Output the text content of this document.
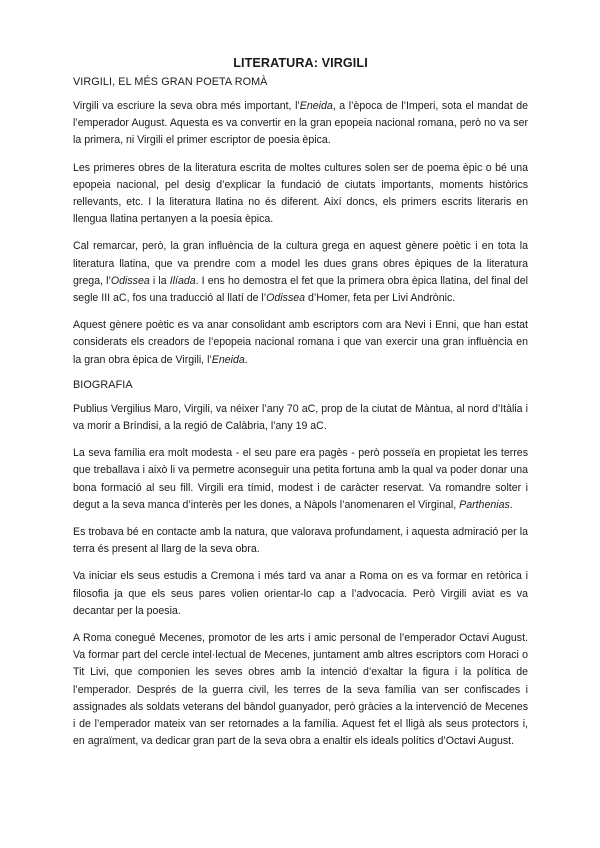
LITERATURA: VIRGILI
VIRGILI, EL MÉS GRAN POETA ROMÀ

Virgili va escriure la seva obra més important, l’Eneida, a l’època de l’Imperi, sota el mandat de l’emperador August. Aquesta es va convertir en la gran epopeia nacional romana, però no va ser la primera, ni Virgili el primer escriptor de poesia èpica.

Les primeres obres de la literatura escrita de moltes cultures solen ser de poema èpic o bé una epopeia nacional, pel desig d’explicar la fundació de ciutats importants, moments històrics rellevants, etc. I la literatura llatina no és diferent. Així doncs, els primers escrits literaris en llengua llatina pertanyen a la poesia èpica.

Cal remarcar, però, la gran influència de la cultura grega en aquest gènere poètic i en tota la literatura llatina, que va prendre com a model les dues grans obres èpiques de la literatura grega, l’Odissea i la Ilíada. I ens ho demostra el fet que la primera obra èpica llatina, del final del segle III aC, fos una traducció al llatí de l’Odissea d’Homer, feta per Livi Andrònic.

Aquest gènere poètic es va anar consolidant amb escriptors com ara Nevi i Enni, que han estat considerats els creadors de l’epopeia nacional romana i que van exercir una gran influència en la gran obra èpica de Virgili, l’Eneida.

BIOGRAFIA

Publius Vergilius Maro, Virgili, va néixer l’any 70 aC, prop de la ciutat de Màntua, al nord d’Itàlia i va morir a Bríndisi, a la regió de Calàbria, l’any 19 aC.

La seva família era molt modesta - el seu pare era pagès - però posseïa en propietat les terres que treballava i això li va permetre aconseguir una petita fortuna amb la qual va poder donar una bona formació al seu fill. Virgili era tímid, modest i de caràcter reservat. Va romandre solter i degut a la seva manca d’interès per les dones, a Nàpols l’anomenaren el Virginal, Parthenias.

Es trobava bé en contacte amb la natura, que valorava profundament, i aquesta admiració per la terra és present al llarg de la seva obra.

Va iniciar els seus estudis a Cremona i més tard va anar a Roma on es va formar en retòrica i filosofia ja que els seus pares volien orientar-lo cap a l’advocacia. Però Virgili aviat es va decantar per la poesia.

A Roma conegué Mecenes, promotor de les arts i amic personal de l’emperador Octavi August. Va formar part del cercle intel·lectual de Mecenes, juntament amb altres escriptors com Horaci o Tit Livi, que componien les seves obres amb la intenció d’exaltar la figura i la política de l’emperador. Després de la guerra civil, les terres de la seva família van ser confiscades i assignades als soldats veterans del bàndol guanyador, però gràcies a la intervenció de Mecenes i de l’emperador mateix van ser retornades a la família. Aquest fet el lligà als seus protectors i, en agraïment, va dedicar gran part de la seva obra a enaltir els ideals polítics d’Octavi August.
